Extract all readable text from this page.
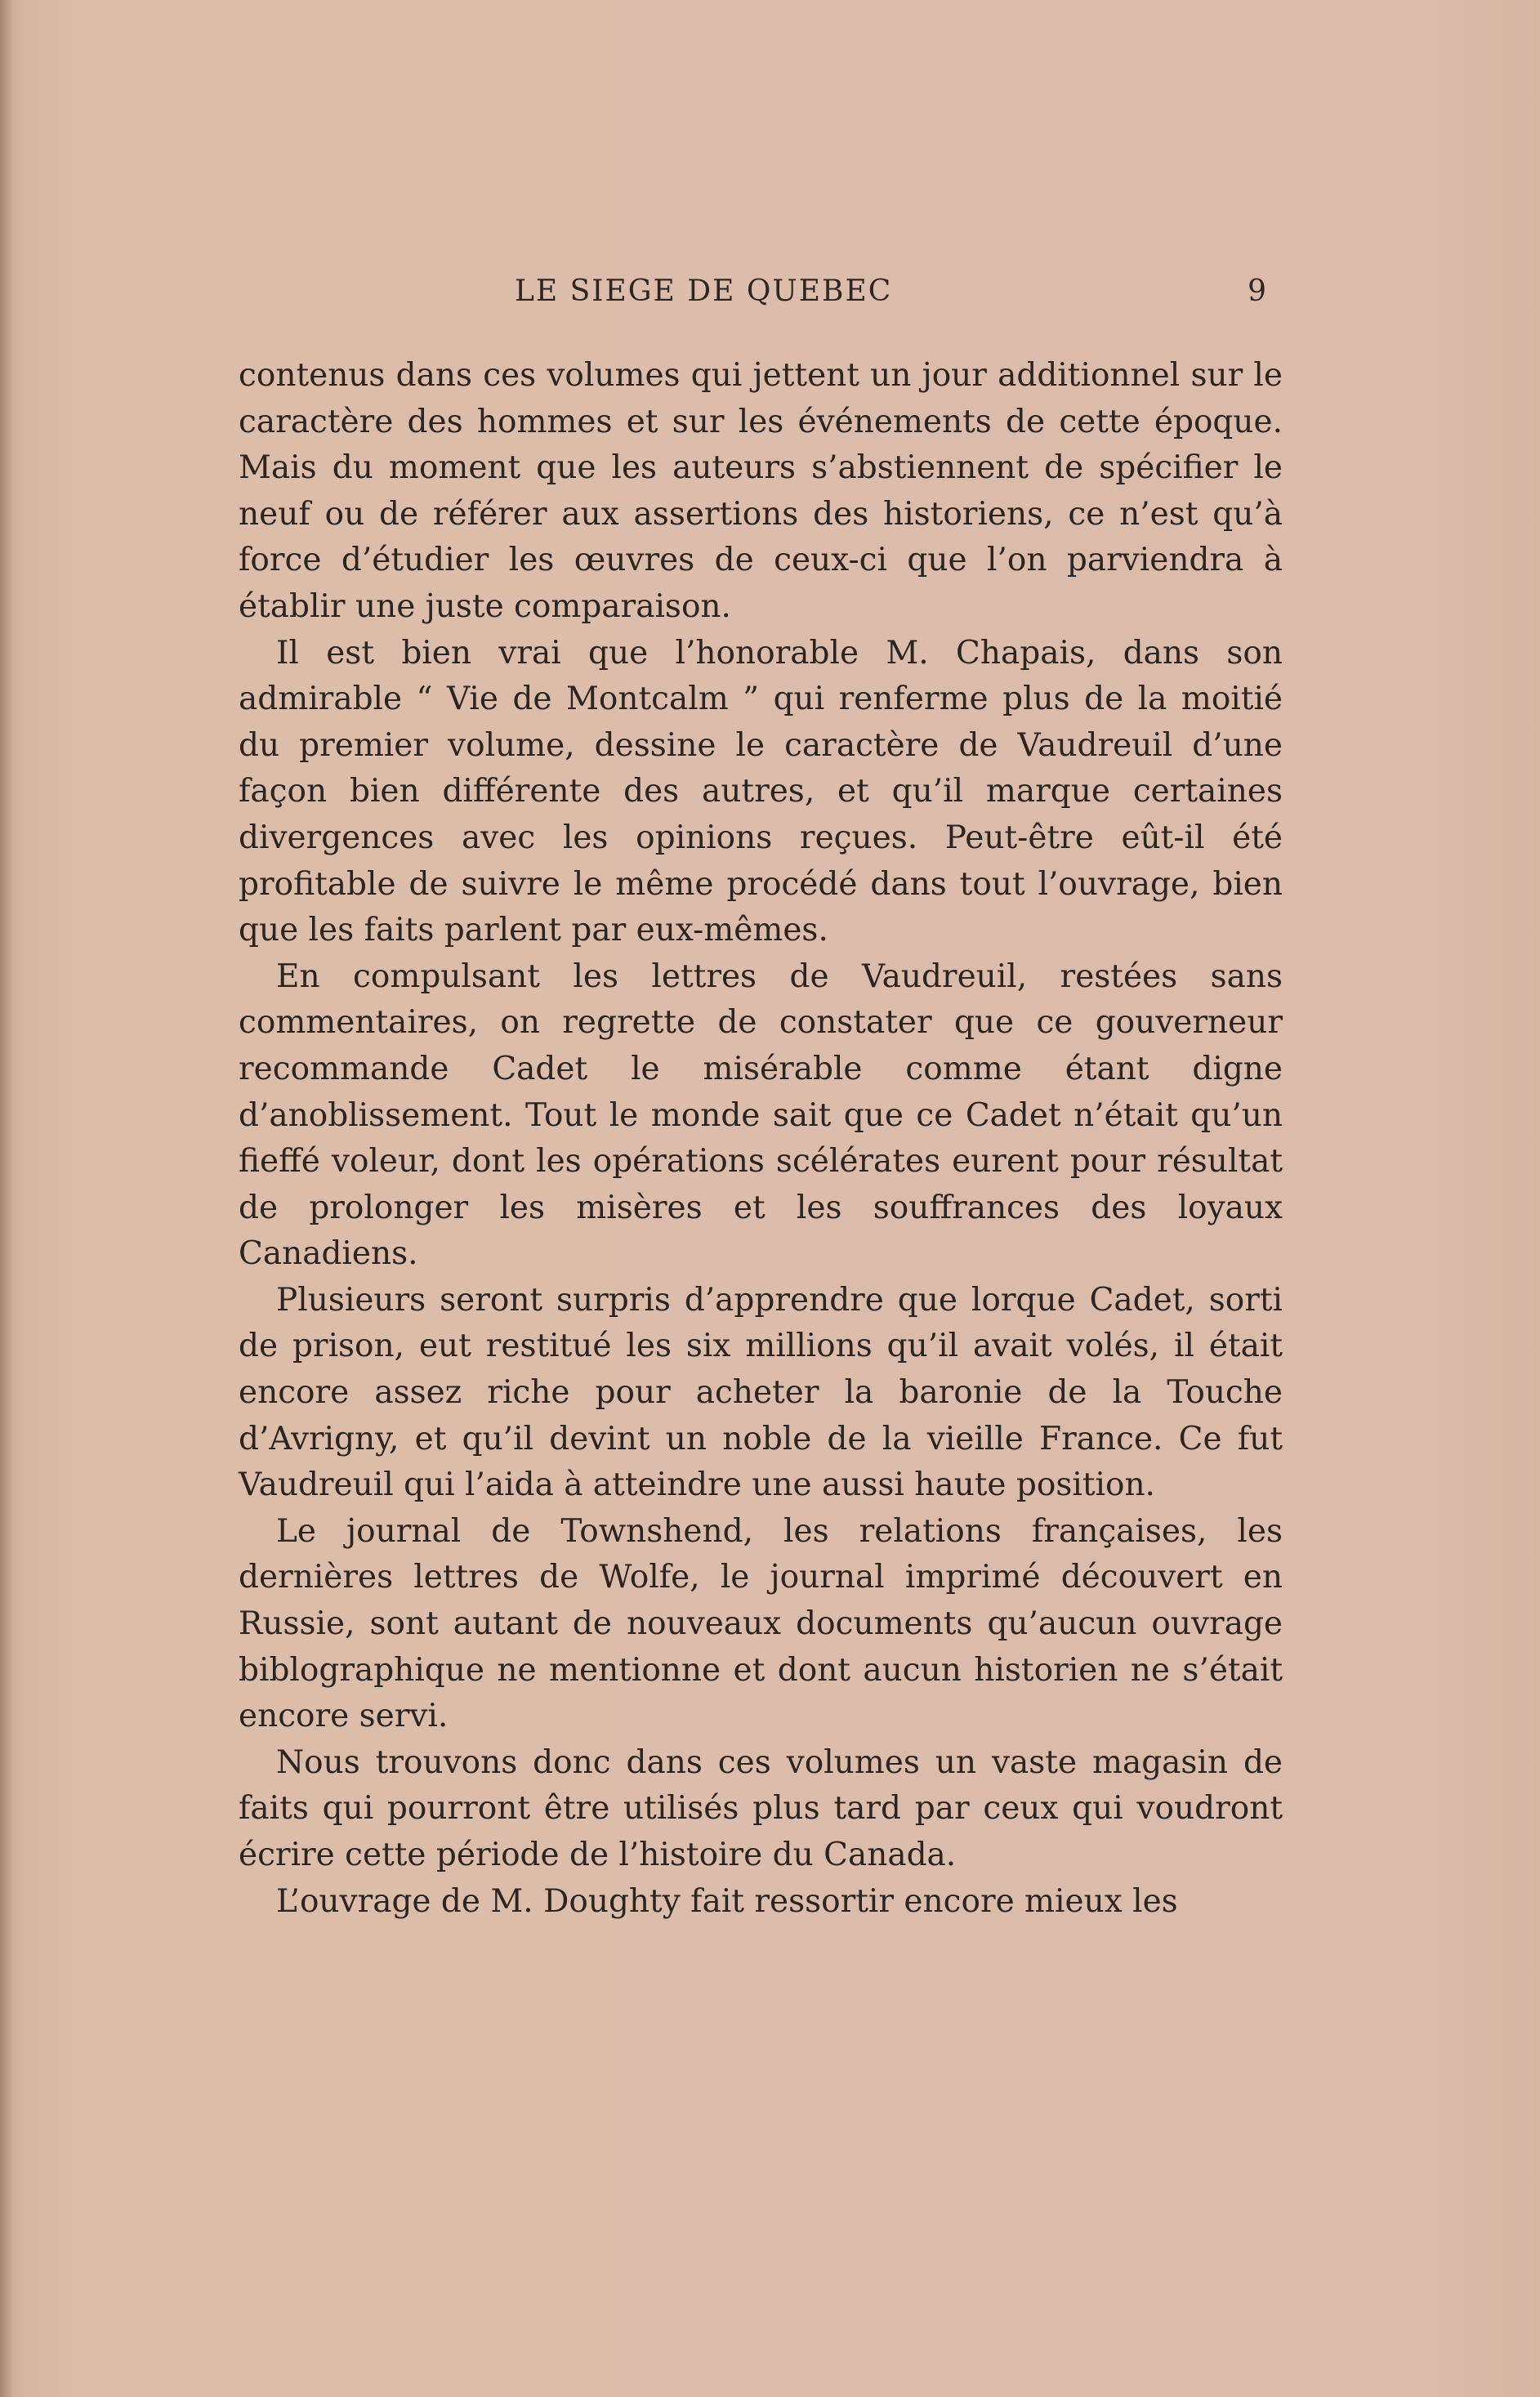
LE SIEGE DE QUEBEC	9

contenus dans ces volumes qui jettent un jour additionnel sur le caractère des hommes et sur les événements de cette époque. Mais du moment que les auteurs s’abstiennent de spécifier le neuf ou de référer aux assertions des historiens, ce n’est qu’à force d’étudier les œuvres de ceux-ci que l’on parviendra à établir une juste comparaison.

Il est bien vrai que l’honorable M. Chapais, dans son admirable “ Vie de Montcalm ” qui renferme plus de la moitié du premier volume, dessine le caractère de Vaudreuil d’une façon bien différente des autres, et qu’il marque certaines divergences avec les opinions reçues. Peut-être eût-il été profitable de suivre le même procédé dans tout l’ouvrage, bien que les faits parlent par eux-mêmes.

En compulsant les lettres de Vaudreuil, restées sans commentaires, on regrette de constater que ce gouverneur recommande Cadet le misérable comme étant digne d’anoblissement. Tout le monde sait que ce Cadet n’était qu’un fieffé voleur, dont les opérations scélérates eurent pour résultat de prolonger les misères et les souffrances des loyaux Canadiens.

Plusieurs seront surpris d’apprendre que lorque Cadet, sorti de prison, eut restitué les six millions qu’il avait volés, il était encore assez riche pour acheter la baronie de la Touche d’Avrigny, et qu’il devint un noble de la vieille France. Ce fut Vaudreuil qui l’aida à atteindre une aussi haute position.

Le journal de Townshend, les relations françaises, les dernières lettres de Wolfe, le journal imprimé découvert en Russie, sont autant de nouveaux documents qu’aucun ouvrage biblographique ne mentionne et dont aucun historien ne s’était encore servi.

Nous trouvons donc dans ces volumes un vaste magasin de faits qui pourront être utilisés plus tard par ceux qui voudront écrire cette période de l’histoire du Canada.

L’ouvrage de M. Doughty fait ressortir encore mieux les
